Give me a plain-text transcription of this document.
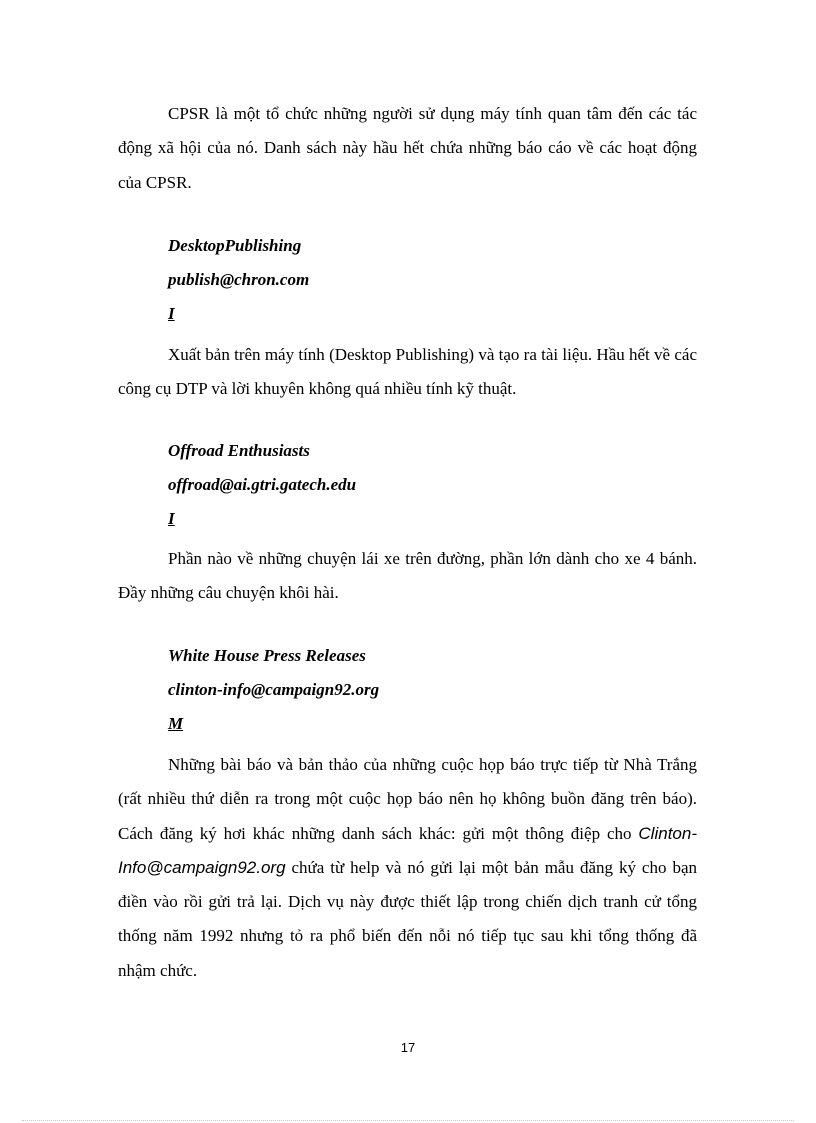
CPSR là một tổ chức những người sử dụng máy tính quan tâm đến các tác động xã hội của nó. Danh sách này hầu hết chứa những báo cáo về các hoạt động của CPSR.

DesktopPublishing

publish@chron.com

I

Xuất bản trên máy tính (Desktop Publishing) và tạo ra tài liệu. Hầu hết về các công cụ DTP và lời khuyên không quá nhiều tính kỹ thuật.

Offroad Enthusiasts

offroad@ai.gtri.gatech.edu

I

Phần nào về những chuyện lái xe trên đường, phần lớn dành cho xe 4 bánh. Đầy những câu chuyện khôi hài.

White House Press Releases

clinton-info@campaign92.org

M

Những bài báo và bản thảo của những cuộc họp báo trực tiếp từ Nhà Trắng (rất nhiều thứ diễn ra trong một cuộc họp báo nên họ không buồn đăng trên báo). Cách đăng ký hơi khác những danh sách khác: gửi một thông điệp cho Clinton-Info@campaign92.org chứa từ help và nó gửi lại một bản mẫu đăng ký cho bạn điền vào rồi gửi trả lại. Dịch vụ này được thiết lập trong chiến dịch tranh cử tổng thống năm 1992 nhưng tỏ ra phổ biến đến nỗi nó tiếp tục sau khi tổng thống đã nhậm chức.

17
